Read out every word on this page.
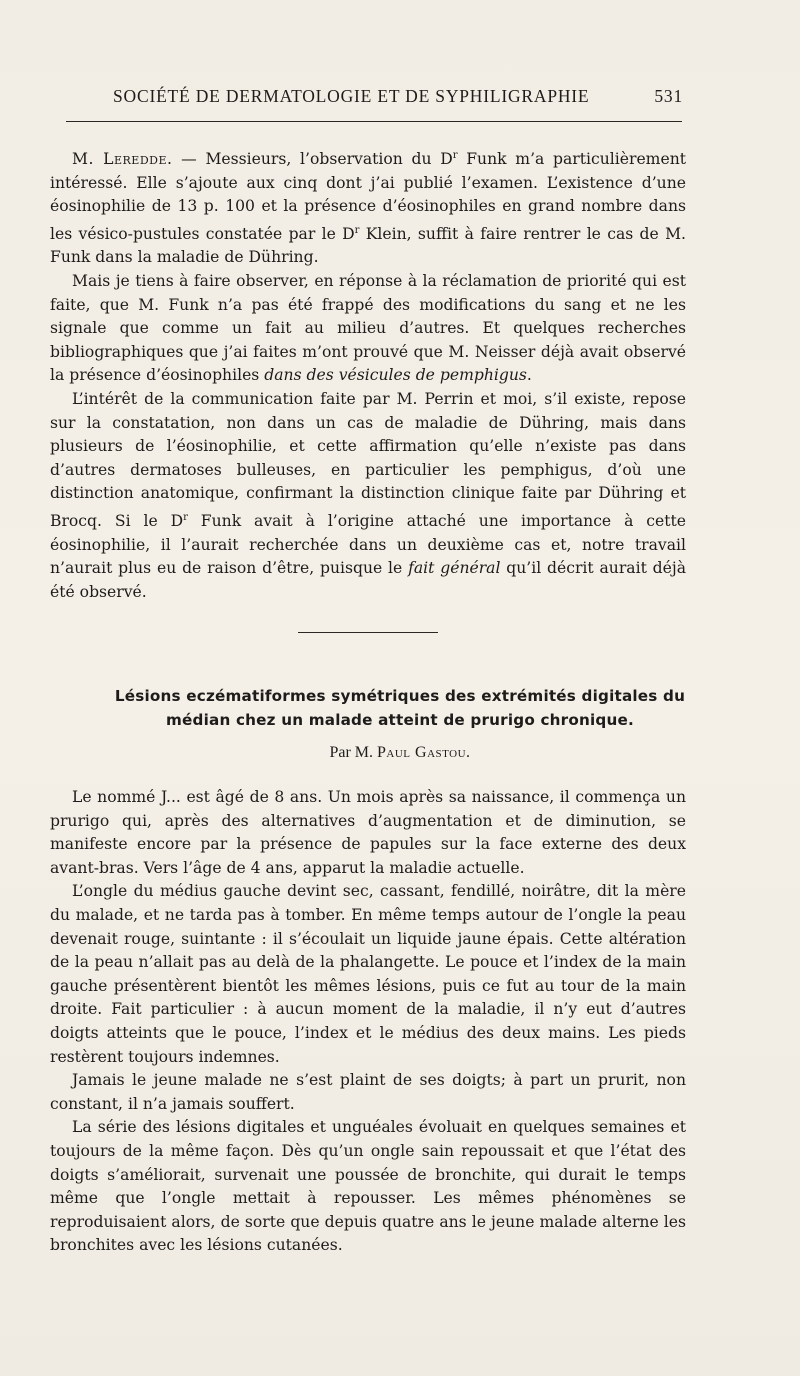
SOCIÉTÉ DE DERMATOLOGIE ET DE SYPHILIGRAPHIE	531

M. Leredde. — Messieurs, l’observation du $D^r$ Funk m’a particulièrement intéressé. Elle s’ajoute aux cinq dont j’ai publié l’examen. L’existence d’une éosinophilie de 13 p. 100 et la présence d’éosinophiles en grand nombre dans les vésico-pustules constatée par le $D^r$ Klein, suffit à faire rentrer le cas de M. Funk dans la maladie de Dühring.

Mais je tiens à faire observer, en réponse à la réclamation de priorité qui est faite, que M. Funk n’a pas été frappé des modifications du sang et ne les signale que comme un fait au milieu d’autres. Et quelques recherches bibliographiques que j’ai faites m’ont prouvé que M. Neisser déjà avait observé la présence d’éosinophiles dans des vésicules de pemphigus.

L’intérêt de la communication faite par M. Perrin et moi, s’il existe, repose sur la constatation, non dans un cas de maladie de Dühring, mais dans plusieurs de l’éosinophilie, et cette affirmation qu’elle n’existe pas dans d’autres dermatoses bulleuses, en particulier les pemphigus, d’où une distinction anatomique, confirmant la distinction clinique faite par Dühring et Brocq. Si le $D^r$ Funk avait à l’origine attaché une importance à cette éosinophilie, il l’aurait recherchée dans un deuxième cas et, notre travail n’aurait plus eu de raison d’être, puisque le fait général qu’il décrit aurait déjà été observé.

Lésions eczématiformes symétriques des extrémités digitales du
médian chez un malade atteint de prurigo chronique.
Par M. Paul Gastou.

Le nommé J... est âgé de 8 ans. Un mois après sa naissance, il commença un prurigo qui, après des alternatives d’augmentation et de diminution, se manifeste encore par la présence de papules sur la face externe des deux avant-bras. Vers l’âge de 4 ans, apparut la maladie actuelle.

L’ongle du médius gauche devint sec, cassant, fendillé, noirâtre, dit la mère du malade, et ne tarda pas à tomber. En même temps autour de l’ongle la peau devenait rouge, suintante : il s’écoulait un liquide jaune épais. Cette altération de la peau n’allait pas au delà de la phalangette. Le pouce et l’index de la main gauche présentèrent bientôt les mêmes lésions, puis ce fut au tour de la main droite. Fait particulier : à aucun moment de la maladie, il n’y eut d’autres doigts atteints que le pouce, l’index et le médius des deux mains. Les pieds restèrent toujours indemnes.

Jamais le jeune malade ne s’est plaint de ses doigts; à part un prurit, non constant, il n’a jamais souffert.

La série des lésions digitales et unguéales évoluait en quelques semaines et toujours de la même façon. Dès qu’un ongle sain repoussait et que l’état des doigts s’améliorait, survenait une poussée de bronchite, qui durait le temps même que l’ongle mettait à repousser. Les mêmes phénomènes se reproduisaient alors, de sorte que depuis quatre ans le jeune malade alterne les bronchites avec les lésions cutanées.
